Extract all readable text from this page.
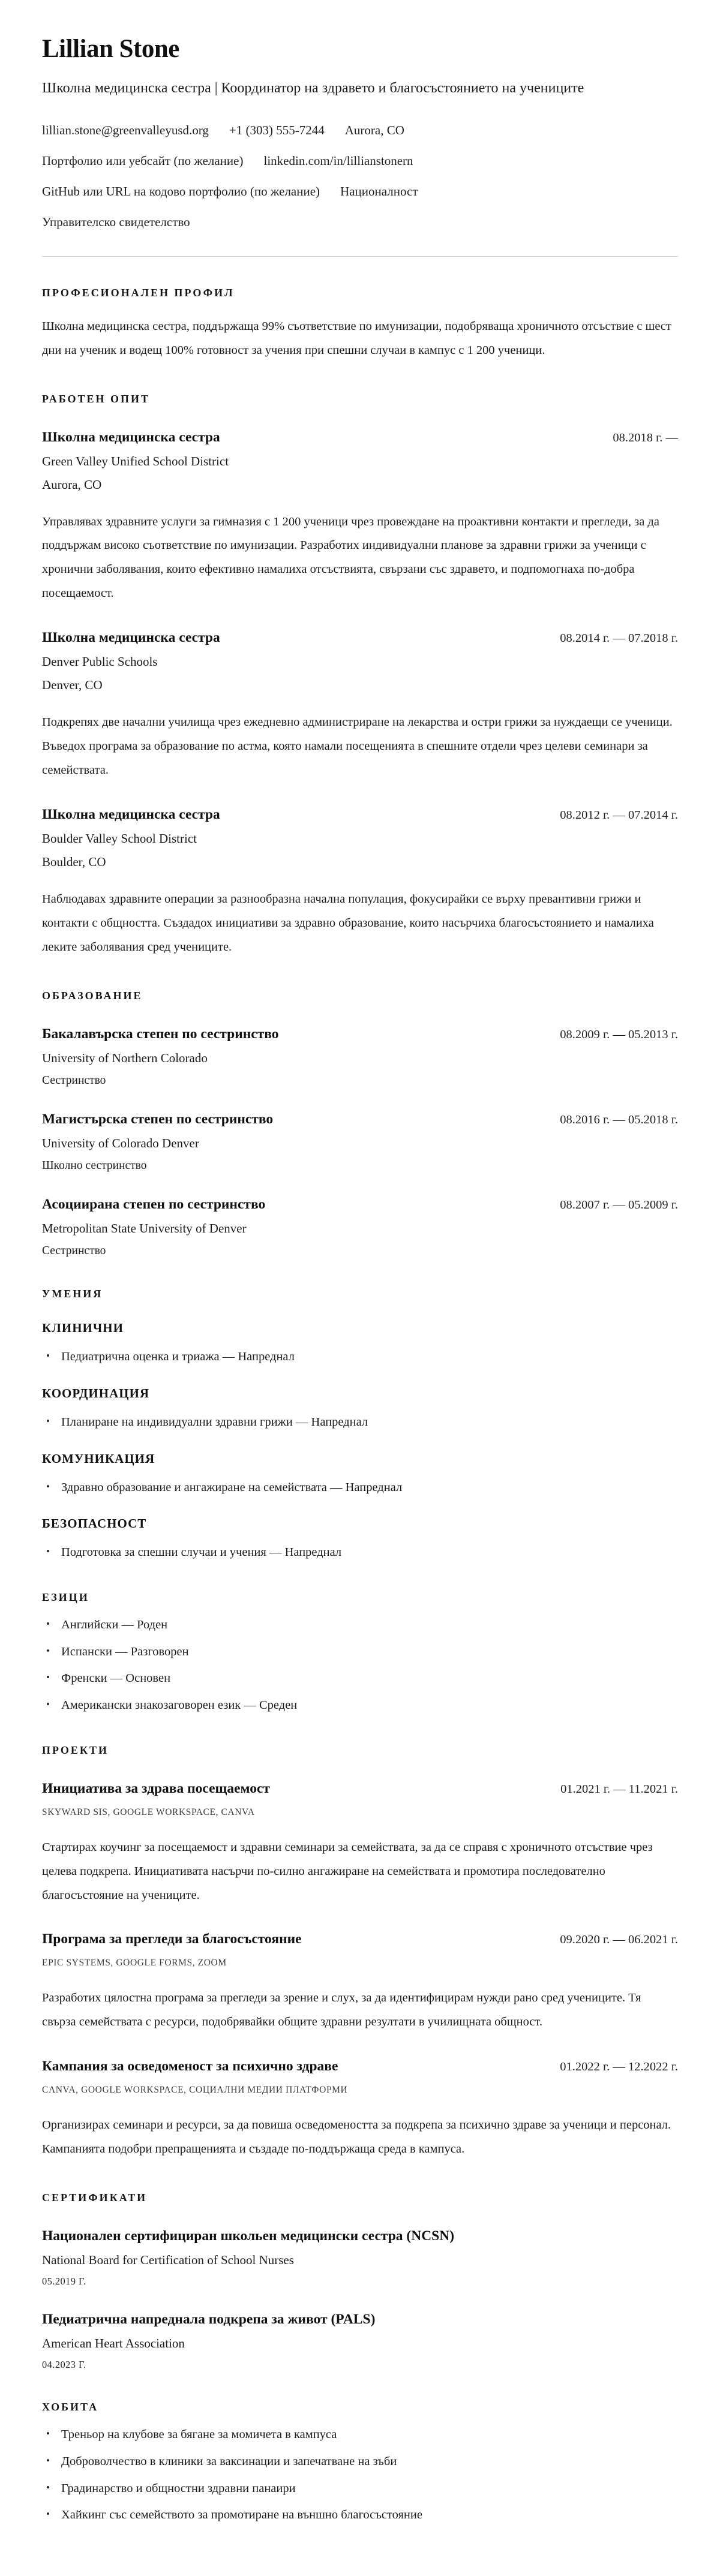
Lillian Stone

Школна медицинска сестра | Координатор на здравето и благосъстоянието на учениците

lillian.stone@greenvalleyusd.org +1 (303) 555-7244 Aurora, CO
Портфолио или уебсайт (по желание) linkedin.com/in/lillianstonern
GitHub или URL на кодово портфолио (по желание) Националност
Управителско свидетелство
ПРОФЕСИОНАЛЕН ПРОФИЛ

Школна медицинска сестра, поддържаща 99% съответствие по имунизации, подобряваща хроничното отсъствие с шест дни на ученик и водещ 100% готовност за учения при спешни случаи в кампус с 1 200 ученици.

РАБОТЕН ОПИТ
Школна медицинска сестра	08.2018 г. —
Green Valley Unified School District
Aurora, CO

Управлявах здравните услуги за гимназия с 1 200 ученици чрез провеждане на проактивни контакти и прегледи, за да поддържам високо съответствие по имунизации. Разработих индивидуални планове за здравни грижи за ученици с хронични заболявания, които ефективно намалиха отсъствията, свързани със здравето, и подпомогнаха по-добра посещаемост.

Школна медицинска сестра	08.2014 г. — 07.2018 г.
Denver Public Schools
Denver, CO

Подкрепях две начални училища чрез ежедневно администриране на лекарства и остри грижи за нуждаещи се ученици. Въведох програма за образование по астма, която намали посещенията в спешните отдели чрез целеви семинари за семействата.

Школна медицинска сестра	08.2012 г. — 07.2014 г.
Boulder Valley School District
Boulder, CO

Наблюдавах здравните операции за разнообразна начална популация, фокусирайки се върху превантивни грижи и контакти с общността. Създадох инициативи за здравно образование, които насърчиха благосъстоянието и намалиха леките заболявания сред учениците.

ОБРАЗОВАНИЕ
Бакалавърска степен по сестринство	08.2009 г. — 05.2013 г.
University of Northern Colorado
Сестринство
Магистърска степен по сестринство	08.2016 г. — 05.2018 г.
University of Colorado Denver
Школно сестринство
Асоциирана степен по сестринство	08.2007 г. — 05.2009 г.
Metropolitan State University of Denver
Сестринство
УМЕНИЯ
КЛИНИЧНИ
• Педиатрична оценка и триажа — Напреднал
КООРДИНАЦИЯ
• Планиране на индивидуални здравни грижи — Напреднал
КОМУНИКАЦИЯ
• Здравно образование и ангажиране на семействата — Напреднал
БЕЗОПАСНОСТ
• Подготовка за спешни случаи и учения — Напреднал
ЕЗИЦИ
• Английски — Роден
• Испански — Разговорен
• Френски — Основен
• Американски знакозаговорен език — Среден
ПРОЕКТИ
Инициатива за здрава посещаемост	01.2021 г. — 11.2021 г.
SKYWARD SIS, GOOGLE WORKSPACE, CANVA

Стартирах коучинг за посещаемост и здравни семинари за семействата, за да се справя с хроничното отсъствие чрез целева подкрепа. Инициативата насърчи по-силно ангажиране на семействата и промотира последователно благосъстояние на учениците.

Програма за прегледи за благосъстояние	09.2020 г. — 06.2021 г.
EPIC SYSTEMS, GOOGLE FORMS, ZOOM

Разработих цялостна програма за прегледи за зрение и слух, за да идентифицирам нужди рано сред учениците. Тя свърза семействата с ресурси, подобрявайки общите здравни резултати в училищната общност.

Кампания за осведоменост за психично здраве	01.2022 г. — 12.2022 г.
CANVA, GOOGLE WORKSPACE, СОЦИАЛНИ МЕДИИ ПЛАТФОРМИ

Организирах семинари и ресурси, за да повиша осведомеността за подкрепа за психично здраве за ученици и персонал. Кампанията подобри препращенията и създаде по-поддържаща среда в кампуса.

СЕРТИФИКАТИ
Национален сертифициран школьен медицински сестра (NCSN)
National Board for Certification of School Nurses
05.2019 Г.
Педиатрична напреднала подкрепа за живот (PALS)
American Heart Association
04.2023 Г.
ХОБИТА
• Треньор на клубове за бягане за момичета в кампуса
• Доброволчество в клиники за ваксинации и запечатване на зъби
• Градинарство и общностни здравни панаири
• Хайкинг със семейството за промотиране на външно благосъстояние
